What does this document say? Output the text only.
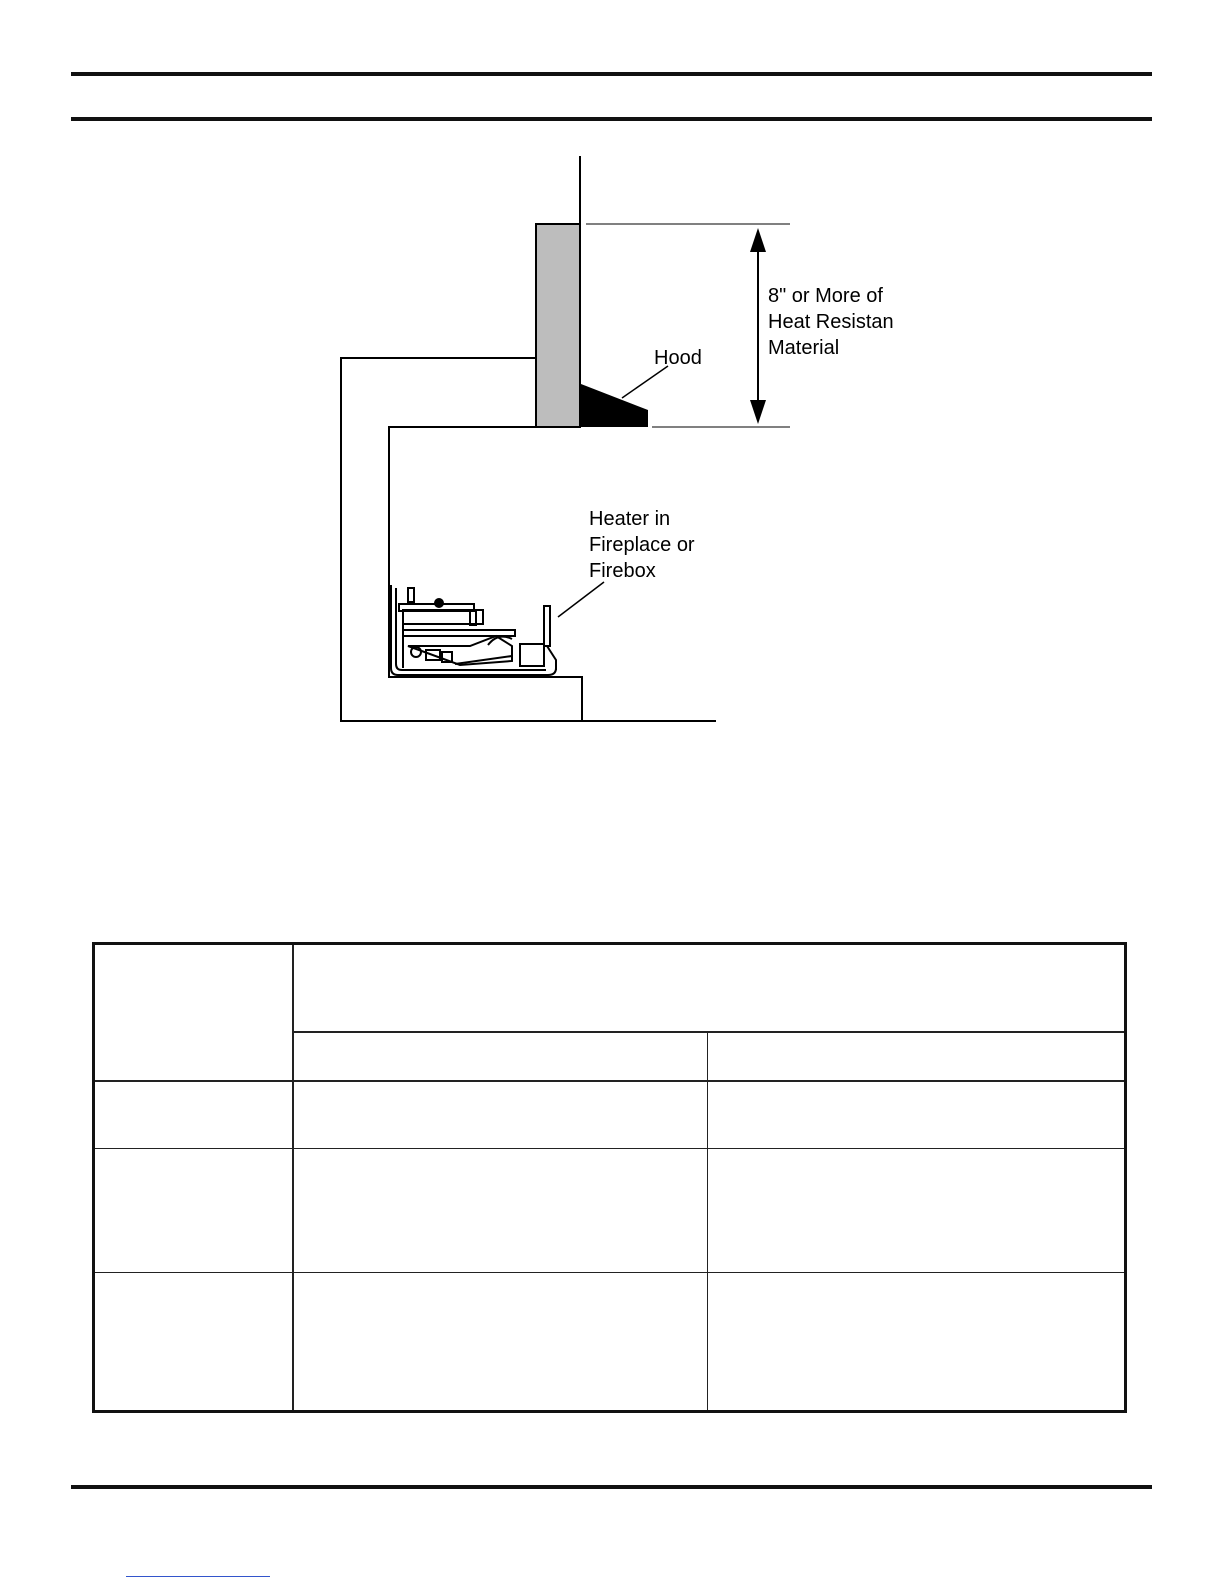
8" or More of
Heat Resistan
Material
Hood
Heater in
Fireplace or
Firebox
